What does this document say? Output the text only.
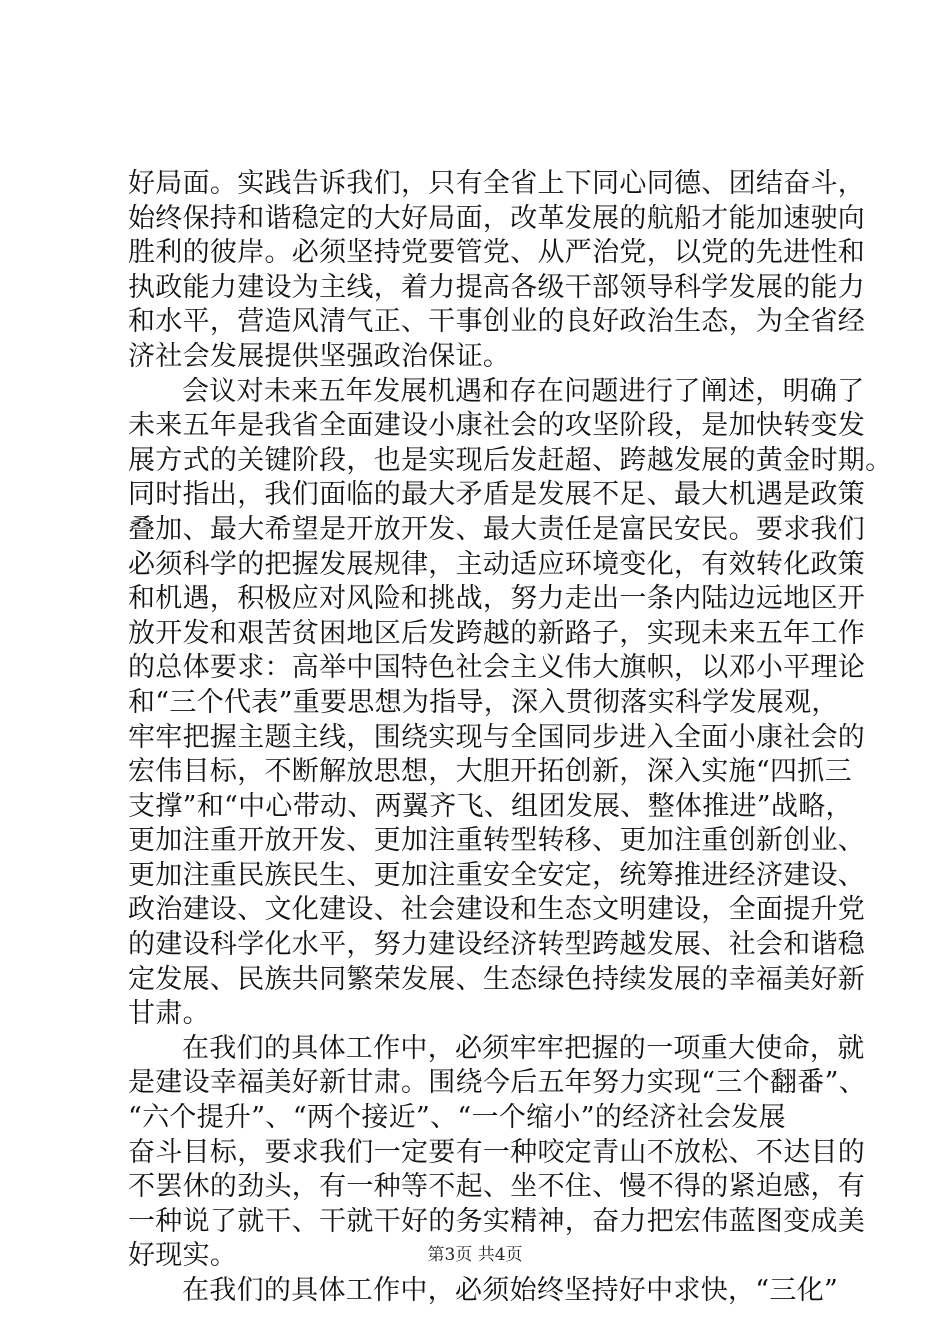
好局面。实践告诉我们，只有全省上下同心同德、团结奋斗，
始终保持和谐稳定的大好局面，改革发展的航船才能加速驶向
胜利的彼岸。必须坚持党要管党、从严治党，以党的先进性和
执政能力建设为主线，着力提高各级干部领导科学发展的能力
和水平，营造风清气正、干事创业的良好政治生态，为全省经
济社会发展提供坚强政治保证。
会议对未来五年发展机遇和存在问题进行了阐述，明确了
未来五年是我省全面建设小康社会的攻坚阶段，是加快转变发
展方式的关键阶段，也是实现后发赶超、跨越发展的黄金时期。
同时指出，我们面临的最大矛盾是发展不足、最大机遇是政策
叠加、最大希望是开放开发、最大责任是富民安民。要求我们
必须科学的把握发展规律，主动适应环境变化，有效转化政策
和机遇，积极应对风险和挑战，努力走出一条内陆边远地区开
放开发和艰苦贫困地区后发跨越的新路子，实现未来五年工作
的总体要求：高举中国特色社会主义伟大旗帜，以邓小平理论
和“三个代表”重要思想为指导，深入贯彻落实科学发展观，
牢牢把握主题主线，围绕实现与全国同步进入全面小康社会的
宏伟目标，不断解放思想，大胆开拓创新，深入实施“四抓三
支撑”和“中心带动、两翼齐飞、组团发展、整体推进”战略，
更加注重开放开发、更加注重转型转移、更加注重创新创业、
更加注重民族民生、更加注重安全安定，统筹推进经济建设、
政治建设、文化建设、社会建设和生态文明建设，全面提升党
的建设科学化水平，努力建设经济转型跨越发展、社会和谐稳
定发展、民族共同繁荣发展、生态绿色持续发展的幸福美好新
甘肃。
在我们的具体工作中，必须牢牢把握的一项重大使命，就
是建设幸福美好新甘肃。围绕今后五年努力实现“三个翻番”、
“六个提升”、“两个接近”、“一个缩小”的经济社会发展
奋斗目标，要求我们一定要有一种咬定青山不放松、不达目的
不罢休的劲头，有一种等不起、坐不住、慢不得的紧迫感，有
一种说了就干、干就干好的务实精神，奋力把宏伟蓝图变成美
好现实。
在我们的具体工作中，必须始终坚持好中求快，“三化”
第3页 共4页
